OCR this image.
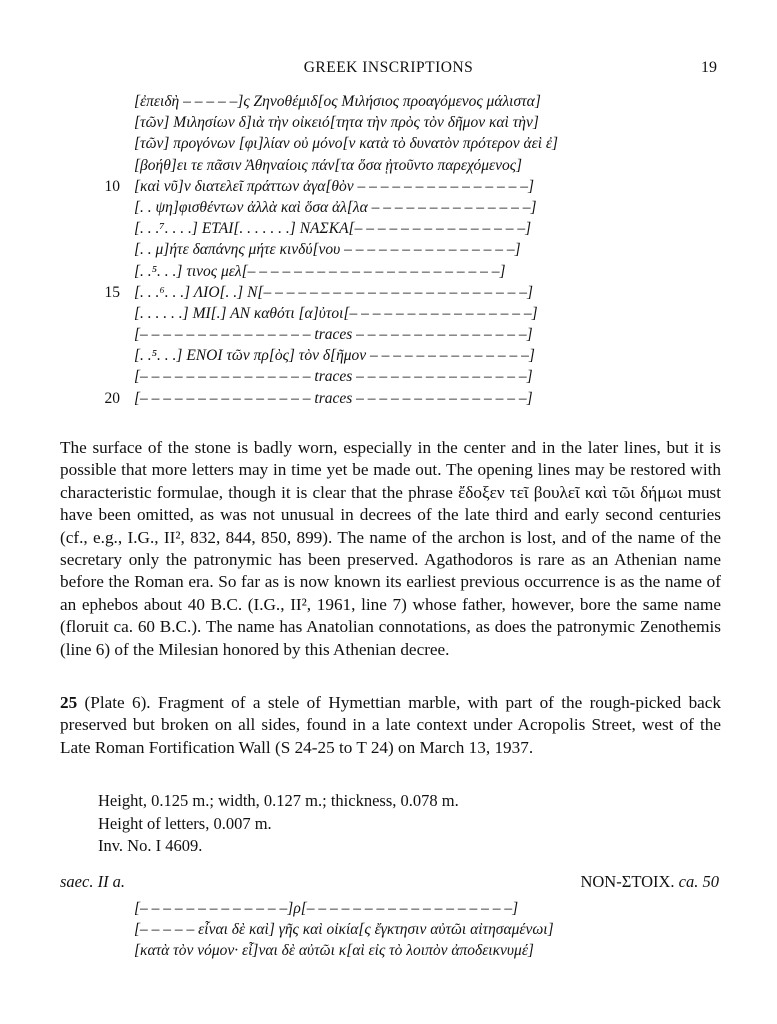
GREEK INSCRIPTIONS	19
[ἐπειδὴ – – – – –]ς Ζηνοθέμιδ[ος Μιλήσιος προαγόμενος μάλιστα]
[τῶν] Μιλησίων δ]ιὰ τὴν οἰκειό[τητα τὴν πρὸς τὸν δῆμον καὶ τὴν]
[τῶν] προγόνων [φι]λίαν οὐ μόνο[ν κατὰ τὸ δυνατὸν πρότερον ἀεὶ ἐ]
[βοήθ]ει τε πᾶσιν Ἀθηναίοις πάν[τα ὅσα ᾐτοῦντο παρεχόμενος]
10 [καὶ νῦ]ν διατελεῖ πράττων ἀγα[θὸν – – – – – – – – – – – – – – –]
[. . ψη]φισθέντων ἀλλὰ καὶ ὅσα ἀλ[λα – – – – – – – – – – – – – –]
[. . .⁷. . . .] ΕΤΑΙ[. . . . . . .] ΝΑΣΚΑ[– – – – – – – – – – – – – – –]
[. . μ]ήτε δαπάνης μήτε κινδύ[νου – – – – – – – – – – – – – – –]
[. .⁵. . .] τινος μελ[– – – – – – – – – – – – – – – – – – – – – –]
15 [. . .⁶. . .] ΛΙΟ[. .] Ν[– – – – – – – – – – – – – – – – – – – – – – –]
[. . . . . .] ΜΙ[.] ΑΝ καθότι [α]ὐτοι[– – – – – – – – – – – – – – – –]
[– – – – – – – – – – – – – – – traces – – – – – – – – – – – – – – –]
[. .⁵. . .] ΕΝΟΙ τῶν πρ[ὸς] τὸν δ[ῆμον – – – – – – – – – – – – – –]
[– – – – – – – – – – – – – – – traces – – – – – – – – – – – – – – –]
20 [– – – – – – – – – – – – – – – traces – – – – – – – – – – – – – – –]

The surface of the stone is badly worn, especially in the center and in the later lines, but it is possible that more letters may in time yet be made out. The opening lines may be restored with characteristic formulae, though it is clear that the phrase ἔδοξεν τεῖ βουλεῖ καὶ τῶι δήμωι must have been omitted, as was not unusual in decrees of the late third and early second centuries (cf., e.g., I.G., II², 832, 844, 850, 899). The name of the archon is lost, and of the name of the secretary only the patronymic has been preserved. Agathodoros is rare as an Athenian name before the Roman era. So far as is now known its earliest previous occurrence is as the name of an ephebos about 40 B.C. (I.G., II², 1961, line 7) whose father, however, bore the same name (floruit ca. 60 B.C.). The name has Anatolian connotations, as does the patronymic Zenothemis (line 6) of the Milesian honored by this Athenian decree.

25 (Plate 6). Fragment of a stele of Hymettian marble, with part of the rough-picked back preserved but broken on all sides, found in a late context under Acropolis Street, west of the Late Roman Fortification Wall (S 24-25 to T 24) on March 13, 1937.

Height, 0.125 m.; width, 0.127 m.; thickness, 0.078 m.
Height of letters, 0.007 m.
Inv. No. I 4609.
saec. II a.	NON-ΣΤΟΙΧ. ca. 50
[– – – – – – – – – – – – –]ρ[– – – – – – – – – – – – – – – – – –]
[– – – – – εἶναι δὲ καὶ] γῆς καὶ οἰκία[ς ἔγκτησιν αὐτῶι αἰτησαμένωι]
[κατὰ τὸν νόμον· εἶ]ναι δὲ αὐτῶι κ[αὶ εἰς τὸ λοιπὸν ἀποδεικνυμέ]
